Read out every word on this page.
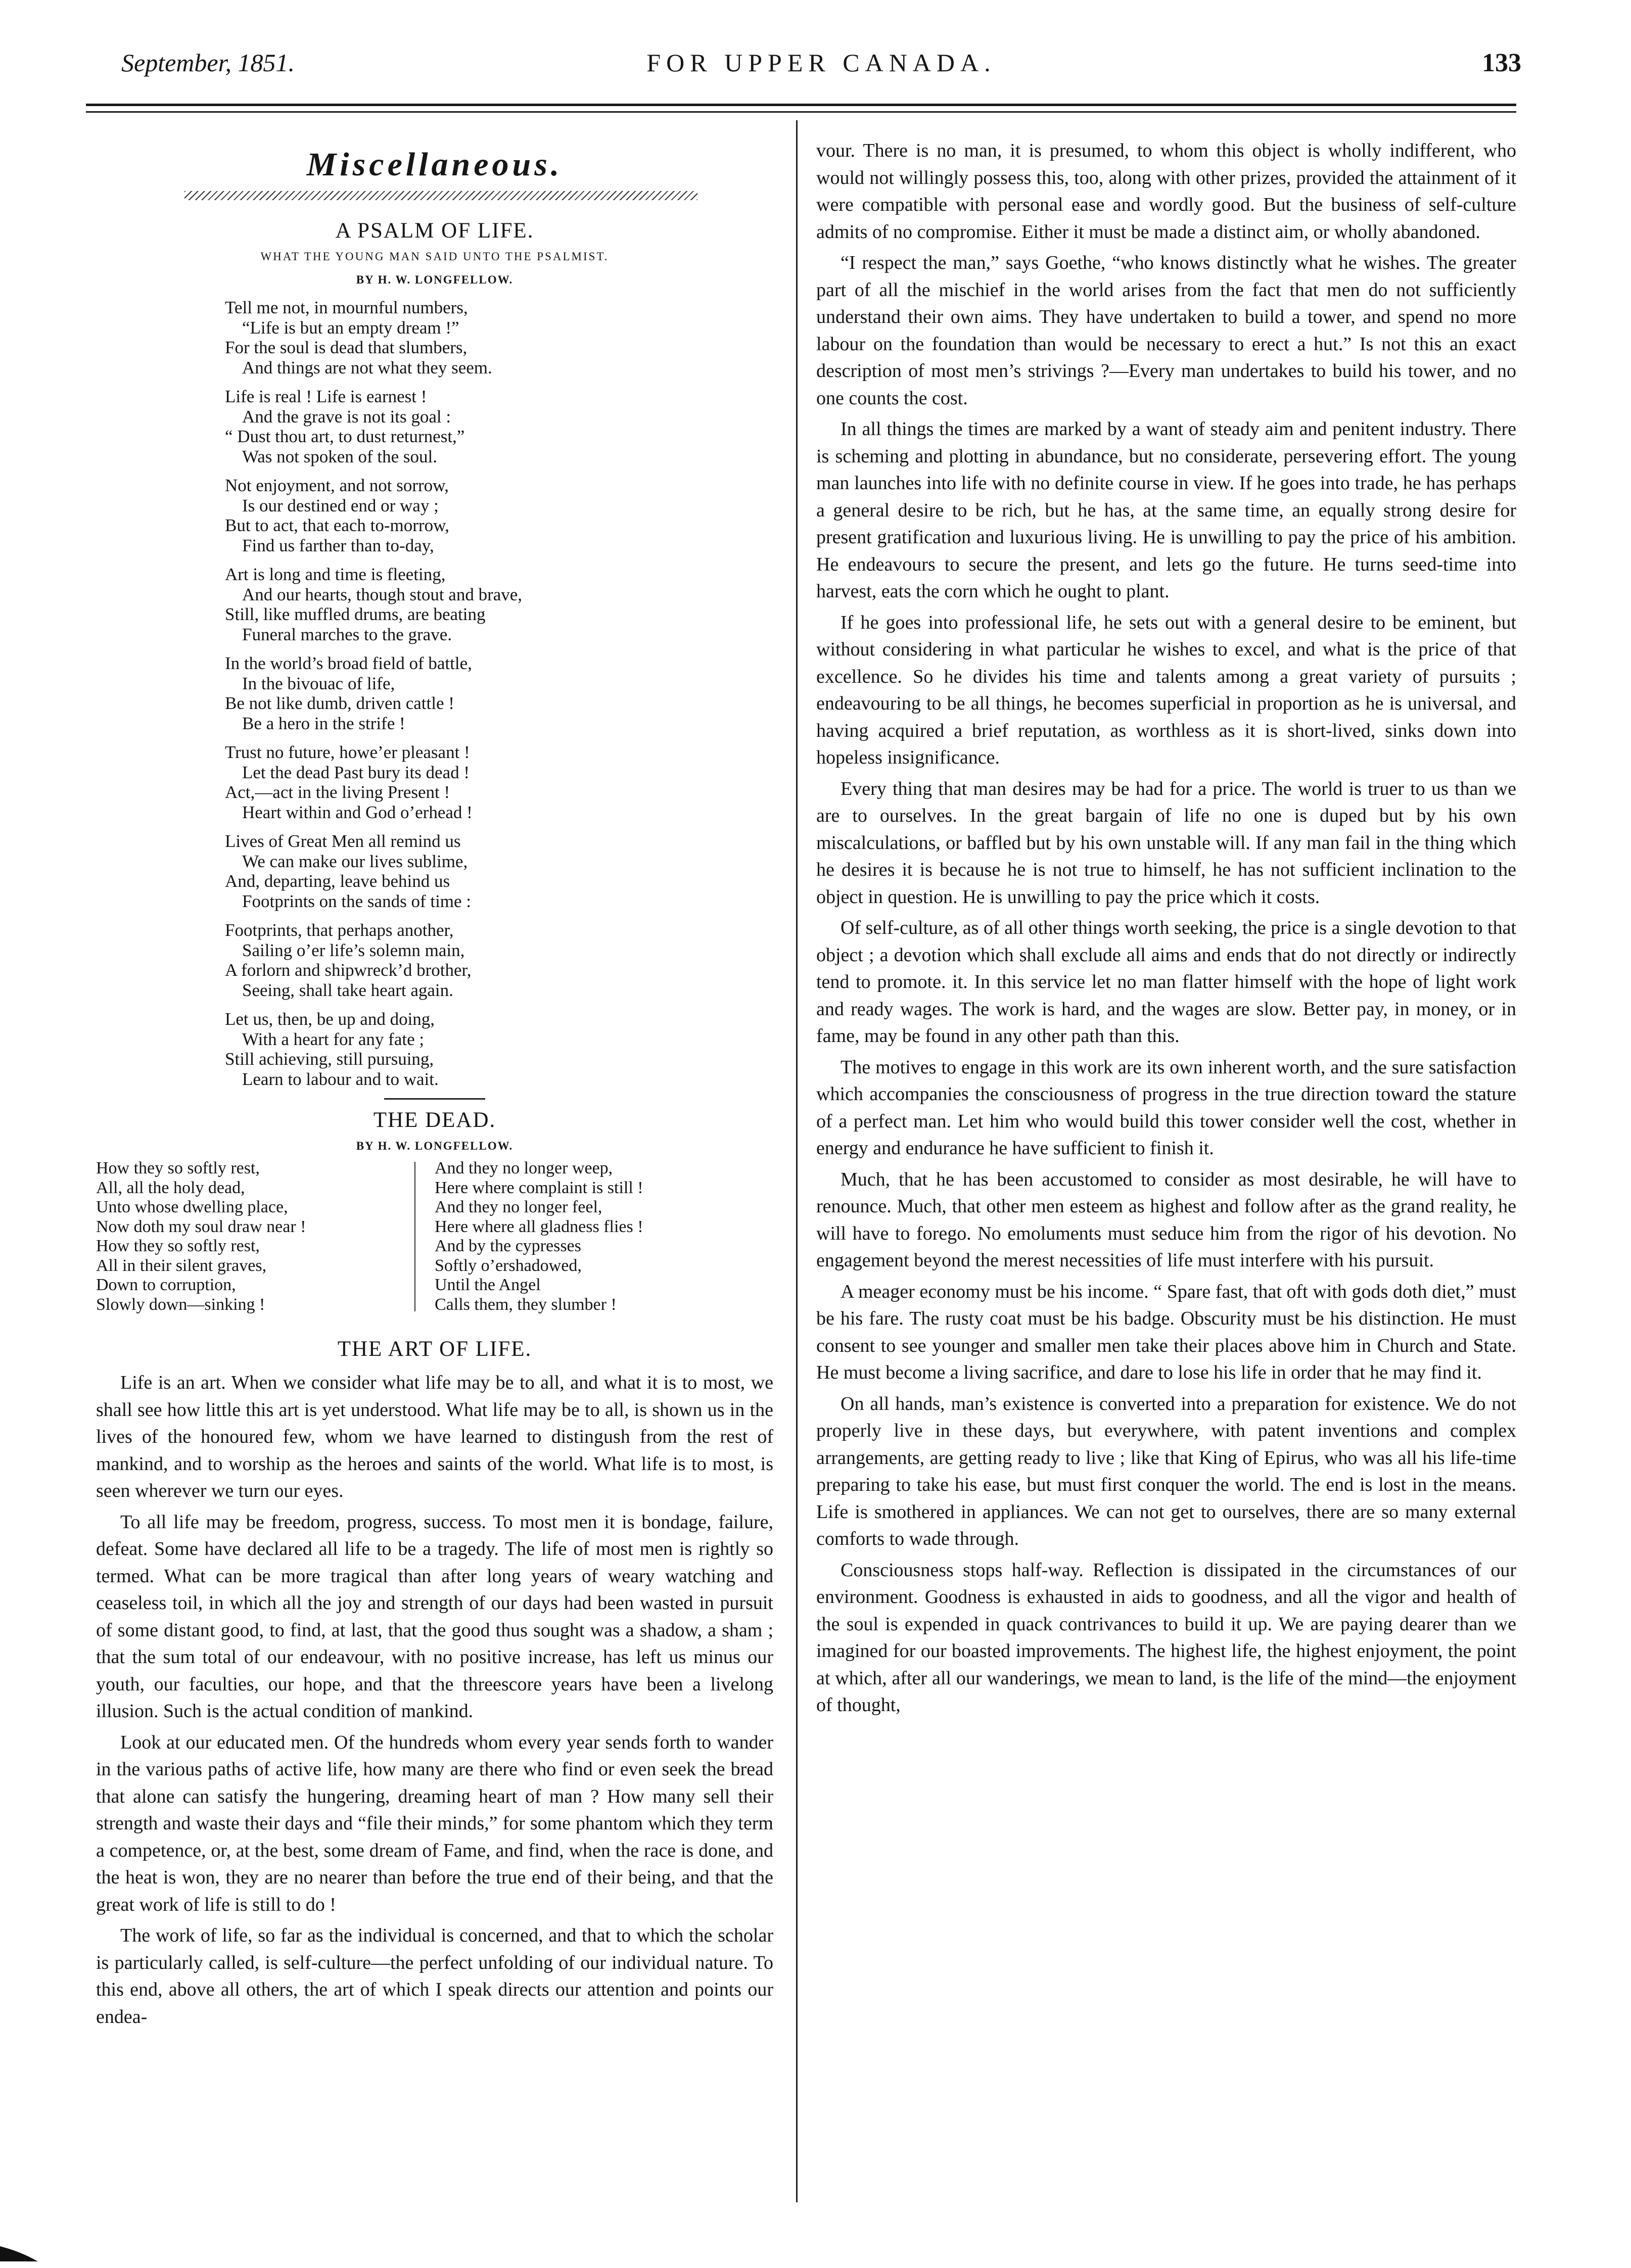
September, 1851.	FOR UPPER CANADA.	133
Miscellaneous.
A PSALM OF LIFE.
WHAT THE YOUNG MAN SAID UNTO THE PSALMIST.
BY H. W. LONGFELLOW.
Tell me not, in mournful numbers,
“Life is but an empty dream !”
For the soul is dead that slumbers,
And things are not what they seem.
Life is real ! Life is earnest !
And the grave is not its goal :
“ Dust thou art, to dust returnest,”
Was not spoken of the soul.
Not enjoyment, and not sorrow,
Is our destined end or way ;
But to act, that each to-morrow,
Find us farther than to-day,
Art is long and time is fleeting,
And our hearts, though stout and brave,
Still, like muffled drums, are beating
Funeral marches to the grave.
In the world’s broad field of battle,
In the bivouac of life,
Be not like dumb, driven cattle !
Be a hero in the strife !
Trust no future, howe’er pleasant !
Let the dead Past bury its dead !
Act,—act in the living Present !
Heart within and God o’erhead !
Lives of Great Men all remind us
We can make our lives sublime,
And, departing, leave behind us
Footprints on the sands of time :
Footprints, that perhaps another,
Sailing o’er life’s solemn main,
A forlorn and shipwreck’d brother,
Seeing, shall take heart again.
Let us, then, be up and doing,
With a heart for any fate ;
Still achieving, still pursuing,
Learn to labour and to wait.
THE DEAD.
BY H. W. LONGFELLOW.
How they so softly rest,
All, all the holy dead,
Unto whose dwelling place,
Now doth my soul draw near !
How they so softly rest,
All in their silent graves,
Down to corruption,
Slowly down—sinking !
And they no longer weep,
Here where complaint is still !
And they no longer feel,
Here where all gladness flies !
And by the cypresses
Softly o’ershadowed,
Until the Angel
Calls them, they slumber !
THE ART OF LIFE.

Life is an art. When we consider what life may be to all, and what it is to most, we shall see how little this art is yet understood. What life may be to all, is shown us in the lives of the honoured few, whom we have learned to distingush from the rest of mankind, and to worship as the heroes and saints of the world. What life is to most, is seen wherever we turn our eyes.

To all life may be freedom, progress, success. To most men it is bondage, failure, defeat. Some have declared all life to be a tragedy. The life of most men is rightly so termed. What can be more tragical than after long years of weary watching and ceaseless toil, in which all the joy and strength of our days had been wasted in pursuit of some distant good, to find, at last, that the good thus sought was a shadow, a sham ; that the sum total of our endeavour, with no positive increase, has left us minus our youth, our faculties, our hope, and that the threescore years have been a livelong illusion. Such is the actual condition of mankind.

Look at our educated men. Of the hundreds whom every year sends forth to wander in the various paths of active life, how many are there who find or even seek the bread that alone can satisfy the hungering, dreaming heart of man ? How many sell their strength and waste their days and “file their minds,” for some phantom which they term a competence, or, at the best, some dream of Fame, and find, when the race is done, and the heat is won, they are no nearer than before the true end of their being, and that the great work of life is still to do !

The work of life, so far as the individual is concerned, and that to which the scholar is particularly called, is self-culture—the perfect unfolding of our individual nature. To this end, above all others, the art of which I speak directs our attention and points our endea-

vour. There is no man, it is presumed, to whom this object is wholly indifferent, who would not willingly possess this, too, along with other prizes, provided the attainment of it were compatible with personal ease and wordly good. But the business of self-culture admits of no compromise. Either it must be made a distinct aim, or wholly abandoned.

“I respect the man,” says Goethe, “who knows distinctly what he wishes. The greater part of all the mischief in the world arises from the fact that men do not sufficiently understand their own aims. They have undertaken to build a tower, and spend no more labour on the foundation than would be necessary to erect a hut.” Is not this an exact description of most men’s strivings ?—Every man undertakes to build his tower, and no one counts the cost.

In all things the times are marked by a want of steady aim and penitent industry. There is scheming and plotting in abundance, but no considerate, persevering effort. The young man launches into life with no definite course in view. If he goes into trade, he has perhaps a general desire to be rich, but he has, at the same time, an equally strong desire for present gratification and luxurious living. He is unwilling to pay the price of his ambition. He endeavours to secure the present, and lets go the future. He turns seed-time into harvest, eats the corn which he ought to plant.

If he goes into professional life, he sets out with a general desire to be eminent, but without considering in what particular he wishes to excel, and what is the price of that excellence. So he divides his time and talents among a great variety of pursuits ; endeavouring to be all things, he becomes superficial in proportion as he is universal, and having acquired a brief reputation, as worthless as it is short-lived, sinks down into hopeless insignificance.

Every thing that man desires may be had for a price. The world is truer to us than we are to ourselves. In the great bargain of life no one is duped but by his own miscalculations, or baffled but by his own unstable will. If any man fail in the thing which he desires it is because he is not true to himself, he has not sufficient inclination to the object in question. He is unwilling to pay the price which it costs.

Of self-culture, as of all other things worth seeking, the price is a single devotion to that object ; a devotion which shall exclude all aims and ends that do not directly or indirectly tend to promote. it. In this service let no man flatter himself with the hope of light work and ready wages. The work is hard, and the wages are slow. Better pay, in money, or in fame, may be found in any other path than this.

The motives to engage in this work are its own inherent worth, and the sure satisfaction which accompanies the consciousness of progress in the true direction toward the stature of a perfect man. Let him who would build this tower consider well the cost, whether in energy and endurance he have sufficient to finish it.

Much, that he has been accustomed to consider as most desirable, he will have to renounce. Much, that other men esteem as highest and follow after as the grand reality, he will have to forego. No emoluments must seduce him from the rigor of his devotion. No engagement beyond the merest necessities of life must interfere with his pursuit.

A meager economy must be his income. “ Spare fast, that oft with gods doth diet,” must be his fare. The rusty coat must be his badge. Obscurity must be his distinction. He must consent to see younger and smaller men take their places above him in Church and State. He must become a living sacrifice, and dare to lose his life in order that he may find it.

On all hands, man’s existence is converted into a preparation for existence. We do not properly live in these days, but everywhere, with patent inventions and complex arrangements, are getting ready to live ; like that King of Epirus, who was all his life-time preparing to take his ease, but must first conquer the world. The end is lost in the means. Life is smothered in appliances. We can not get to ourselves, there are so many external comforts to wade through.

Consciousness stops half-way. Reflection is dissipated in the circumstances of our environment. Goodness is exhausted in aids to goodness, and all the vigor and health of the soul is expended in quack contrivances to build it up. We are paying dearer than we imagined for our boasted improvements. The highest life, the highest enjoyment, the point at which, after all our wanderings, we mean to land, is the life of the mind—the enjoyment of thought,
